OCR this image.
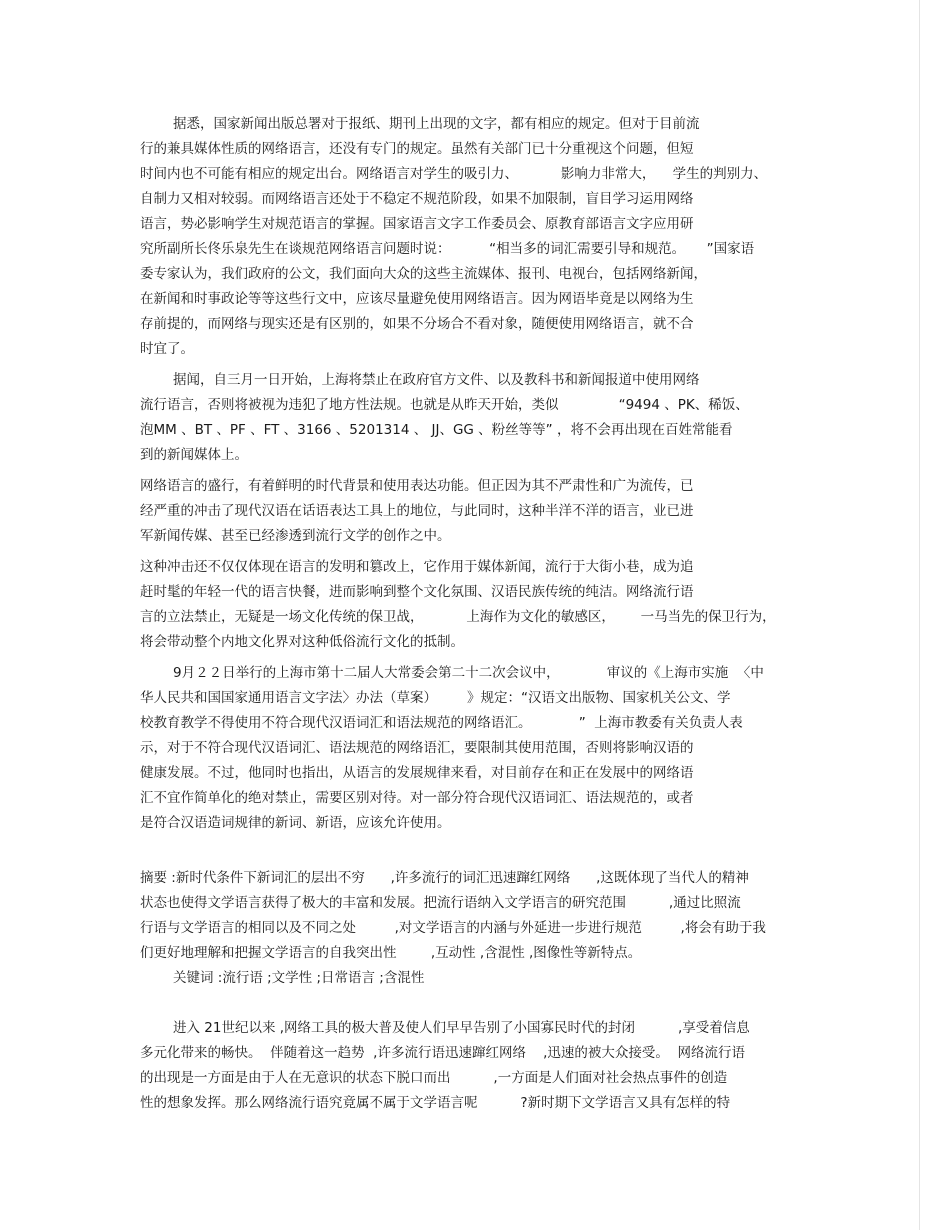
据悉，国家新闻出版总署对于报纸、期刊上出现的文字，都有相应的规定。但对于目前流
行的兼具媒体性质的网络语言，还没有专门的规定。虽然有关部门已十分重视这个问题，但短
时间内也不可能有相应的规定出台。网络语言对学生的吸引力、          影响力非常大，    学生的判别力、
自制力又相对较弱。而网络语言还处于不稳定不规范阶段，如果不加限制，盲目学习运用网络
语言，势必影响学生对规范语言的掌握。国家语言文字工作委员会、原教育部语言文字应用研
究所副所长佟乐泉先生在谈规范网络语言问题时说：         “相当多的词汇需要引导和规范。     ”国家语
委专家认为，我们政府的公文，我们面向大众的这些主流媒体、报刊、电视台，包括网络新闻，
在新闻和时事政论等等这些行文中，应该尽量避免使用网络语言。因为网语毕竟是以网络为生
存前提的，而网络与现实还是有区别的，如果不分场合不看对象，随便使用网络语言，就不合
时宜了。
据闻，自三月一日开始，上海将禁止在政府官方文件、以及教科书和新闻报道中使用网络
流行语言，否则将被视为违犯了地方性法规。也就是从昨天开始，类似              “9494 、PK、稀饭、
泡MM 、BT 、PF 、FT 、3166 、5201314 、 JJ、GG 、粉丝等等” ，将不会再出现在百姓常能看
到的新闻媒体上。
网络语言的盛行，有着鲜明的时代背景和使用表达功能。但正因为其不严肃性和广为流传，已
经严重的冲击了现代汉语在话语表达工具上的地位，与此同时，这种半洋不洋的语言，业已进
军新闻传媒、甚至已经渗透到流行文学的创作之中。
这种冲击还不仅仅体现在语言的发明和篡改上，它作用于媒体新闻，流行于大街小巷，成为追
赶时髦的年轻一代的语言快餐，进而影响到整个文化氛围、汉语民族传统的纯洁。网络流行语
言的立法禁止，无疑是一场文化传统的保卫战，          上海作为文化的敏感区，      一马当先的保卫行为，
将会带动整个内地文化界对这种低俗流行文化的抵制。
9月２２日举行的上海市第十二届人大常委会第二十二次会议中，           审议的《上海市实施  〈中
华人民共和国国家通用语言文字法〉办法（草案）       》规定：“汉语文出版物、国家机关公文、学
校教育教学不得使用不符合现代汉语词汇和语法规范的网络语汇。           ”  上海市教委有关负责人表
示，对于不符合现代汉语词汇、语法规范的网络语汇，要限制其使用范围，否则将影响汉语的
健康发展。不过，他同时也指出，从语言的发展规律来看，对目前存在和正在发展中的网络语
汇不宜作简单化的绝对禁止，需要区别对待。对一部分符合现代汉语词汇、语法规范的，或者
是符合汉语造词规律的新词、新语，应该允许使用。
摘要 :新时代条件下新词汇的层出不穷      ,许多流行的词汇迅速蹿红网络      ,这既体现了当代人的精神
状态也使得文学语言获得了极大的丰富和发展。把流行语纳入文学语言的研究范围          ,通过比照流
行语与文学语言的相同以及不同之处         ,对文学语言的内涵与外延进一步进行规范         ,将会有助于我
们更好地理解和把握文学语言的自我突出性        ,互动性 ,含混性 ,图像性等新特点。
关键词 :流行语 ;文学性 ;日常语言 ;含混性
进入 21世纪以来 ,网络工具的极大普及使人们早早告别了小国寡民时代的封闭          ,享受着信息
多元化带来的畅快。  伴随着这一趋势  ,许多流行语迅速蹿红网络    ,迅速的被大众接受。  网络流行语
的出现是一方面是由于人在无意识的状态下脱口而出          ,一方面是人们面对社会热点事件的创造
性的想象发挥。那么网络流行语究竟属不属于文学语言呢          ?新时期下文学语言又具有怎样的特
